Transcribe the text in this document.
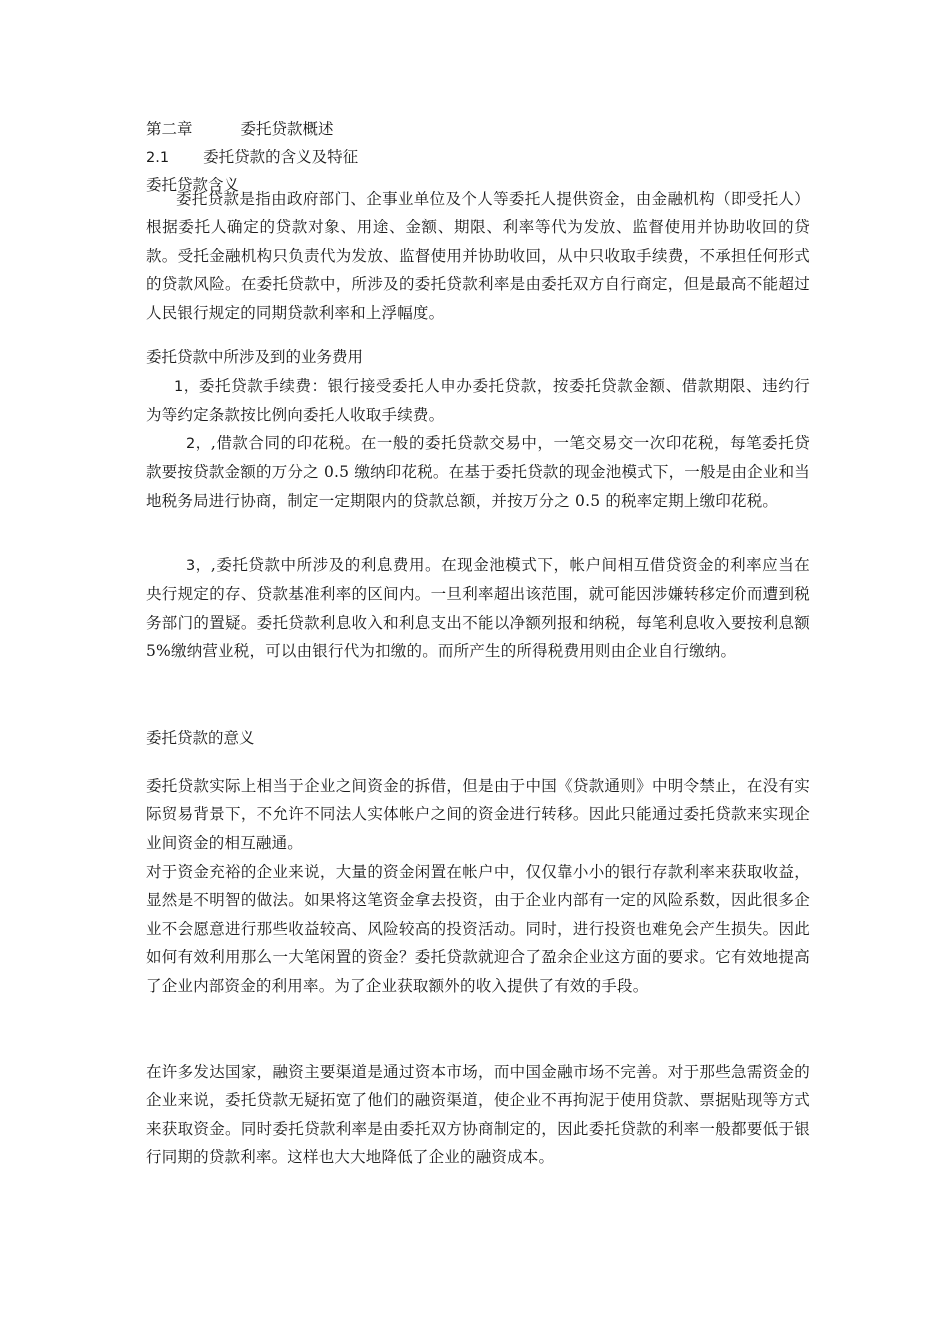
第二章	委托贷款概述
2.1 委托贷款的含义及特征
委托贷款含义
委托贷款是指由政府部门、企事业单位及个人等委托人提供资金，由金融机构（即受托人）根据委托人确定的贷款对象、用途、金额、期限、利率等代为发放、监督使用并协助收回的贷款。受托金融机构只负责代为发放、监督使用并协助收回，从中只收取手续费，不承担任何形式的贷款风险。在委托贷款中，所涉及的委托贷款利率是由委托双方自行商定，但是最高不能超过人民银行规定的同期贷款利率和上浮幅度。
委托贷款中所涉及到的业务费用
1，委托贷款手续费：银行接受委托人申办委托贷款，按委托贷款金额、借款期限、违约行为等约定条款按比例向委托人收取手续费。
2，,借款合同的印花税。在一般的委托贷款交易中，一笔交易交一次印花税，每笔委托贷款要按贷款金额的万分之 0.5 缴纳印花税。在基于委托贷款的现金池模式下，一般是由企业和当地税务局进行协商，制定一定期限内的贷款总额，并按万分之 0.5 的税率定期上缴印花税。
3，,委托贷款中所涉及的利息费用。在现金池模式下，帐户间相互借贷资金的利率应当在央行规定的存、贷款基准利率的区间内。一旦利率超出该范围，就可能因涉嫌转移定价而遭到税务部门的置疑。委托贷款利息收入和利息支出不能以净额列报和纳税，每笔利息收入要按利息额 5%缴纳营业税，可以由银行代为扣缴的。而所产生的所得税费用则由企业自行缴纳。
委托贷款的意义
委托贷款实际上相当于企业之间资金的拆借，但是由于中国《贷款通则》中明令禁止，在没有实际贸易背景下，不允许不同法人实体帐户之间的资金进行转移。因此只能通过委托贷款来实现企业间资金的相互融通。
对于资金充裕的企业来说，大量的资金闲置在帐户中，仅仅靠小小的银行存款利率来获取收益，显然是不明智的做法。如果将这笔资金拿去投资，由于企业内部有一定的风险系数，因此很多企业不会愿意进行那些收益较高、风险较高的投资活动。同时，进行投资也难免会产生损失。因此如何有效利用那么一大笔闲置的资金？委托贷款就迎合了盈余企业这方面的要求。它有效地提高了企业内部资金的利用率。为了企业获取额外的收入提供了有效的手段。
在许多发达国家，融资主要渠道是通过资本市场，而中国金融市场不完善。对于那些急需资金的企业来说，委托贷款无疑拓宽了他们的融资渠道，使企业不再拘泥于使用贷款、票据贴现等方式来获取资金。同时委托贷款利率是由委托双方协商制定的，因此委托贷款的利率一般都要低于银行同期的贷款利率。这样也大大地降低了企业的融资成本。
